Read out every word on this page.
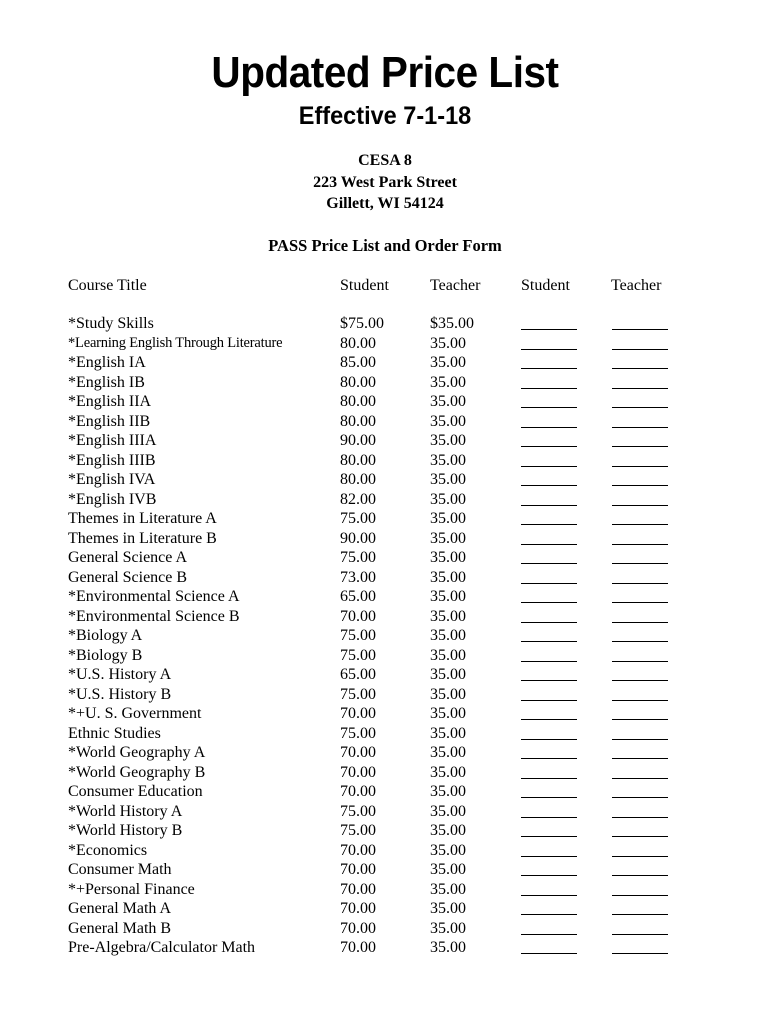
Updated Price List
Effective 7-1-18
CESA 8
223 West Park Street
Gillett, WI 54124
PASS Price List and Order Form
Course Title	Student	Teacher	Student	Teacher
*Study Skills	$75.00	$35.00
*Learning English Through Literature	80.00	35.00
*English IA	85.00	35.00
*English IB	80.00	35.00
*English IIA	80.00	35.00
*English IIB	80.00	35.00
*English IIIA	90.00	35.00
*English IIIB	80.00	35.00
*English IVA	80.00	35.00
*English IVB	82.00	35.00
Themes in Literature A	75.00	35.00
Themes in Literature B	90.00	35.00
General Science A	75.00	35.00
General Science B	73.00	35.00
*Environmental Science A	65.00	35.00
*Environmental Science B	70.00	35.00
*Biology A	75.00	35.00
*Biology B	75.00	35.00
*U.S. History A	65.00	35.00
*U.S. History B	75.00	35.00
*+U. S. Government	70.00	35.00
Ethnic Studies	75.00	35.00
*World Geography A	70.00	35.00
*World Geography B	70.00	35.00
Consumer Education	70.00	35.00
*World History A	75.00	35.00
*World History B	75.00	35.00
*Economics	70.00	35.00
Consumer Math	70.00	35.00
*+Personal Finance	70.00	35.00
General Math A	70.00	35.00
General Math B	70.00	35.00
Pre-Algebra/Calculator Math	70.00	35.00
